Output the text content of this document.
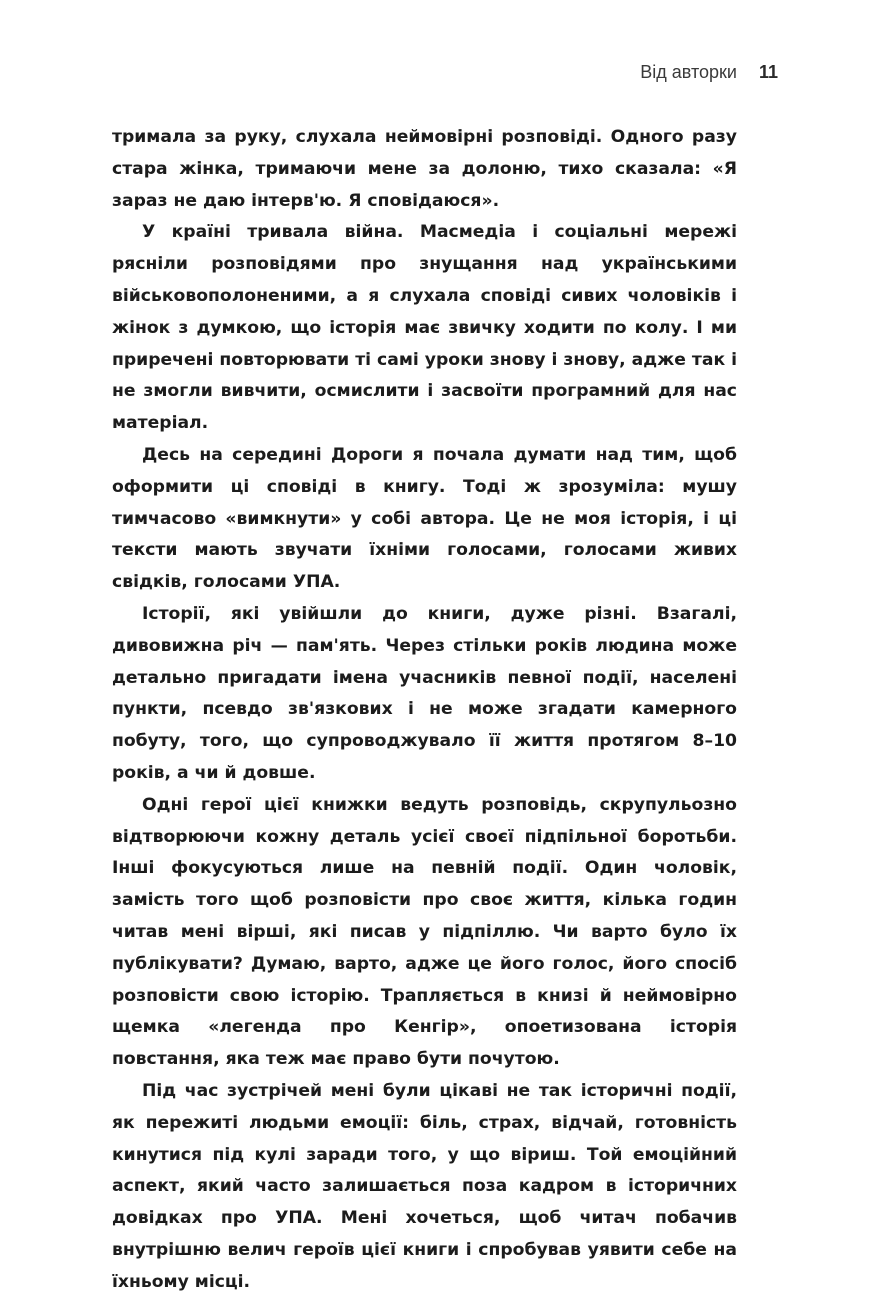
Від авторки 11

тримала за руку, слухала неймовірні розповіді. Одного разу стара жінка, тримаючи мене за долоню, тихо сказала: «Я зараз не даю інтерв'ю. Я сповідаюся».

У країні тривала війна. Масмедіа і соціальні мережі рясніли розповідями про знущання над українськими військовополоненими, а я слухала сповіді сивих чоловіків і жінок з думкою, що історія має звичку ходити по колу. І ми приречені повторювати ті самі уроки знову і знову, адже так і не змогли вивчити, осмислити і засвоїти програмний для нас матеріал.

Десь на середині Дороги я почала думати над тим, щоб оформити ці сповіді в книгу. Тоді ж зрозуміла: мушу тимчасово «вимкнути» у собі автора. Це не моя історія, і ці тексти мають звучати їхніми голосами, голосами живих свідків, голосами УПА.

Історії, які увійшли до книги, дуже різні. Взагалі, дивовижна річ — пам'ять. Через стільки років людина може детально пригадати імена учасників певної події, населені пункти, псевдо зв'язкових і не може згадати камерного побуту, того, що супроводжувало її життя протягом 8–10 років, а чи й довше.

Одні герої цієї книжки ведуть розповідь, скрупульозно відтворюючи кожну деталь усієї своєї підпільної боротьби. Інші фокусуються лише на певній події. Один чоловік, замість того щоб розповісти про своє життя, кілька годин читав мені вірші, які писав у підпіллю. Чи варто було їх публікувати? Думаю, варто, адже це його голос, його спосіб розповісти свою історію. Трапляється в книзі й неймовірно щемка «легенда про Кенгір», опоетизована історія повстання, яка теж має право бути почутою.

Під час зустрічей мені були цікаві не так історичні події, як пережиті людьми емоції: біль, страх, відчай, готовність кинутися під кулі заради того, у що віриш. Той емоційний аспект, який часто залишається поза кадром в історичних довідках про УПА. Мені хочеться, щоб читач побачив внутрішню велич героїв цієї книги і спробував уявити себе на їхньому місці.
